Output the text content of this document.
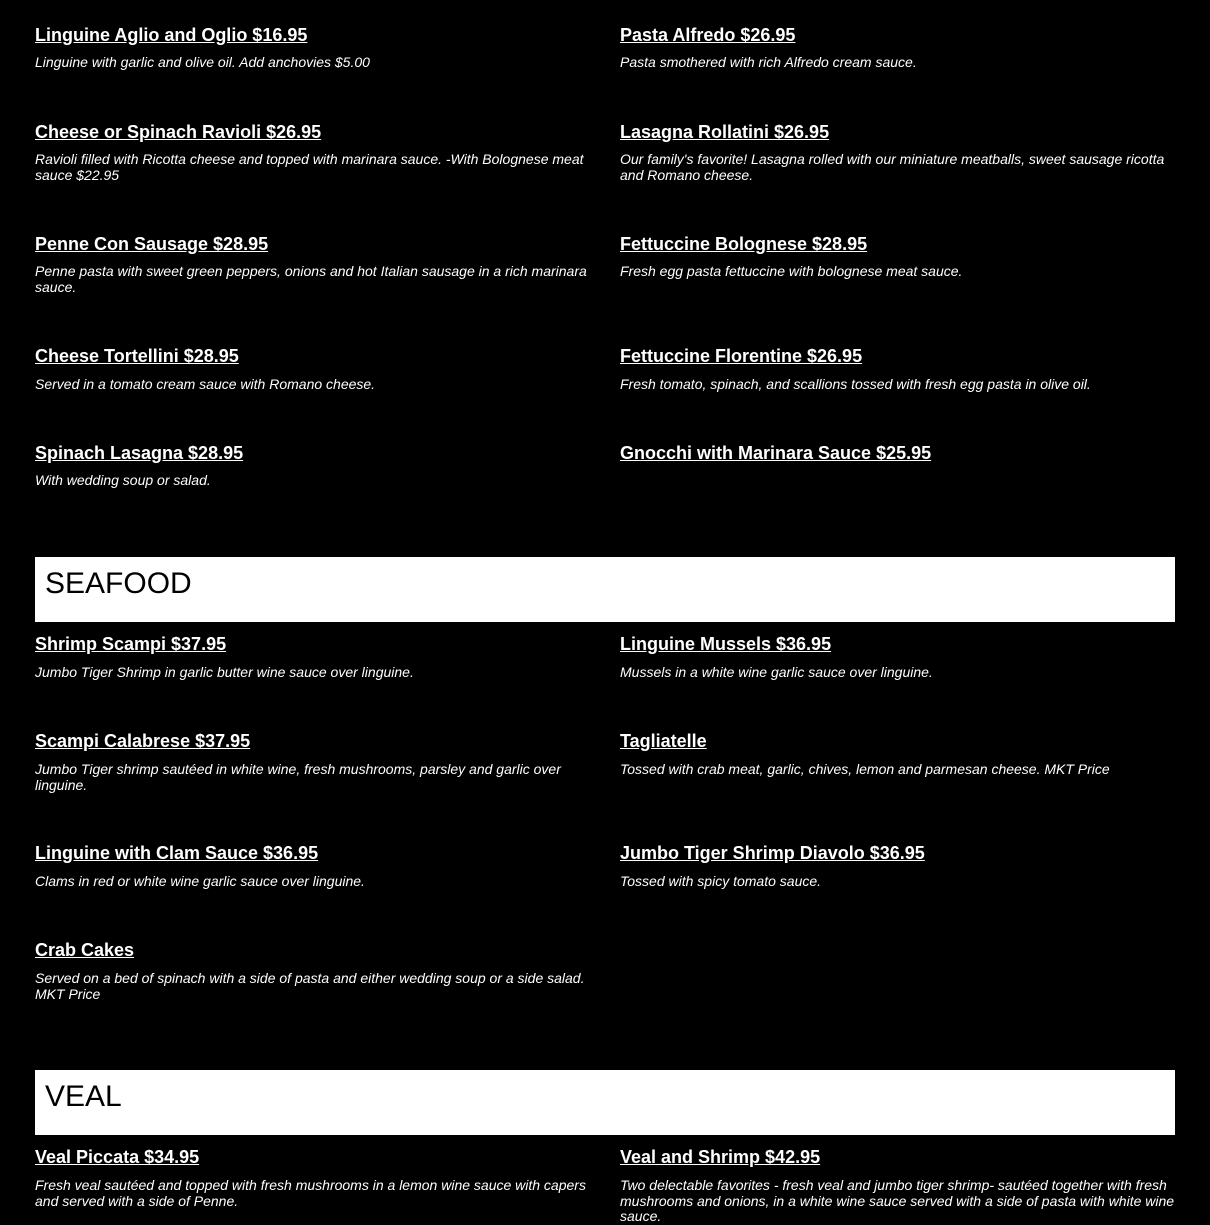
Linguine Aglio and Oglio $16.95

Linguine with garlic and olive oil. Add anchovies $5.00

Pasta Alfredo $26.95

Pasta smothered with rich Alfredo cream sauce.

Cheese or Spinach Ravioli $26.95

Ravioli filled with Ricotta cheese and topped with marinara sauce. -With Bolognese meat sauce $22.95

Lasagna Rollatini $26.95

Our family's favorite! Lasagna rolled with our miniature meatballs, sweet sausage ricotta and Romano cheese.

Penne Con Sausage $28.95

Penne pasta with sweet green peppers, onions and hot Italian sausage in a rich marinara sauce.

Fettuccine Bolognese $28.95

Fresh egg pasta fettuccine with bolognese meat sauce.

Cheese Tortellini $28.95

Served in a tomato cream sauce with Romano cheese.

Fettuccine Florentine $26.95

Fresh tomato, spinach, and scallions tossed with fresh egg pasta in olive oil.

Spinach Lasagna $28.95

With wedding soup or salad.

Gnocchi with Marinara Sauce $25.95
SEAFOOD
Shrimp Scampi $37.95

Jumbo Tiger Shrimp in garlic butter wine sauce over linguine.

Linguine Mussels $36.95

Mussels in a white wine garlic sauce over linguine.

Scampi Calabrese $37.95

Jumbo Tiger shrimp sautéed in white wine, fresh mushrooms, parsley and garlic over linguine.

Tagliatelle

Tossed with crab meat, garlic, chives, lemon and parmesan cheese. MKT Price

Linguine with Clam Sauce $36.95

Clams in red or white wine garlic sauce over linguine.

Jumbo Tiger Shrimp Diavolo $36.95

Tossed with spicy tomato sauce.

Crab Cakes

Served on a bed of spinach with a side of pasta and either wedding soup or a side salad. MKT Price

VEAL
Veal Piccata $34.95

Fresh veal sautéed and topped with fresh mushrooms in a lemon wine sauce with capers and served with a side of Penne.

Veal and Shrimp $42.95

Two delectable favorites - fresh veal and jumbo tiger shrimp- sautéed together with fresh mushrooms and onions, in a white wine sauce served with a side of pasta with white wine sauce.
